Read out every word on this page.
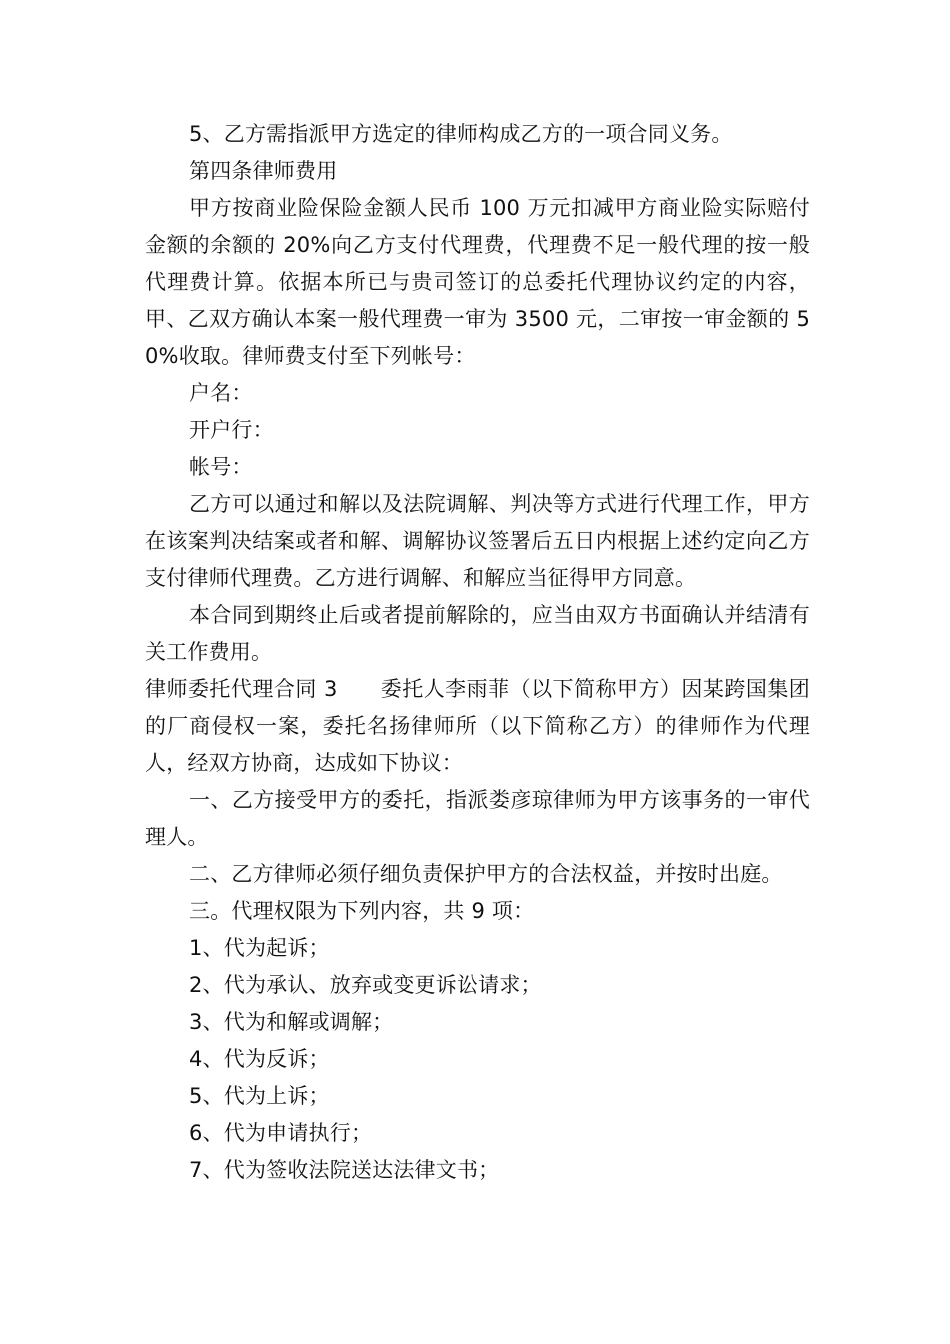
5、乙方需指派甲方选定的律师构成乙方的一项合同义务。

第四条律师费用

甲方按商业险保险金额人民币 100 万元扣减甲方商业险实际赔付金额的余额的 20%向乙方支付代理费，代理费不足一般代理的按一般代理费计算。依据本所已与贵司签订的总委托代理协议约定的内容，甲、乙双方确认本案一般代理费一审为 3500 元，二审按一审金额的 50%收取。律师费支付至下列帐号：

户名：

开户行：

帐号：

乙方可以通过和解以及法院调解、判决等方式进行代理工作，甲方在该案判决结案或者和解、调解协议签署后五日内根据上述约定向乙方支付律师代理费。乙方进行调解、和解应当征得甲方同意。

本合同到期终止后或者提前解除的，应当由双方书面确认并结清有关工作费用。

律师委托代理合同 3　　委托人李雨菲（以下简称甲方）因某跨国集团的厂商侵权一案，委托名扬律师所（以下简称乙方）的律师作为代理人，经双方协商，达成如下协议：

一、乙方接受甲方的委托，指派娄彦琼律师为甲方该事务的一审代理人。

二、乙方律师必须仔细负责保护甲方的合法权益，并按时出庭。

三。代理权限为下列内容，共 9 项：

1、代为起诉；

2、代为承认、放弃或变更诉讼请求；

3、代为和解或调解；

4、代为反诉；

5、代为上诉；

6、代为申请执行；

7、代为签收法院送达法律文书；
